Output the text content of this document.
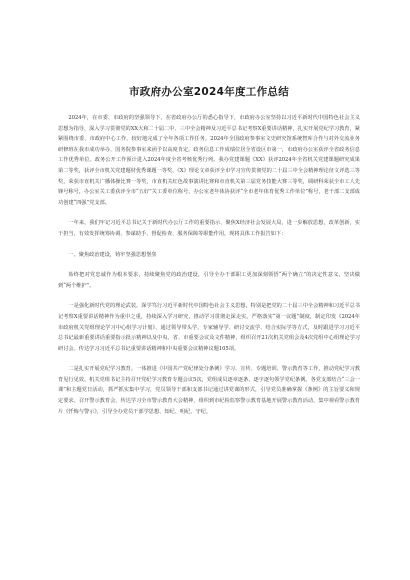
市政府办公室2024年度工作总结

2024年，在市委、市政府的坚强领导下，在省政府办公厅的悉心指导下，市政府办公室坚持以习近平新时代中国特色社会主义思想为指导，深入学习贯彻党的XX大和二十届二中、三中全会精神及习近平总书记考察X重要讲话精神，扎实开展党纪学习教育，紧紧围绕市委、市政府中心工作，较好地完成了全年各项工作任务。2024年全国政府参事室文史研究馆系统智库合作与对外交流业务研修班在我市成功举办，国务院参事室来函予以高度肯定。政务信息工作成绩位居全省设区市第一，市政府办公室获评全省政务信息工作优秀单位。政务公开工作预计进入2024年度全省考核优秀行列。我办党建课题《XX》获评2024年全省机关党建课题研究成果第二等奖，获评全市机关党建题材优秀课题一等奖，《X》理论文章获评全市学习宣传贯彻党的二十届三中全会精神理论征文评选三等奖，荣获市直机关广播体操比赛一等奖，市直机关红色故事演讲比赛和市直机关第三届党务技能大赛三等奖，调研科荣获全市工人先锋号称号，办公室关工委获评全市“五好”关工委单位称号，办公室老年体协获评“全市老年体育优秀工作单位”称号，老干部二支部成功创建“四强”党支部。

一年来，我们牢记习近平总书记关于新时代办公厅工作的重要指示，聚焦X经济社会发展大局，进一步解放思想，改革创新，实干担当，有效发挥统筹协调、参谋助手、督促检查、服务保障等职能作用，现将具体工作报告如下：

一、聚焦政治建设，铸牢坚强思想堡垒

始终把对党忠诚作为根本要求，持续聚焦党的政治建设，引导全办干部职工更加深刻领悟“两个确立”的决定性意义，坚决做到“两个维护”。

一是强化新时代党的理论武装。深学笃行习近平新时代中国特色社会主义思想，特别是把党的二十届三中全会精神和习近平总书记考察X重要讲话精神作为重中之重，持续深入学习研究，推动学习贯彻走深走实。严格落实“第一议题”制度，制定印发《2024年市政府机关党组理论学习中心组学习计划》，通过领导带头学、专家辅导学、研讨交流学、结合实际学等方式，及时跟进学习习近平总书记最新重要讲话重要指示批示精神以及中央、省、市重要会议及文件精神，组织召开21次机关党组会及4次党组中心组理论学习研讨会。传达学习习近平总书记重要讲话精神和中央重要会议精神议题105项。

二是扎实开展党纪学习教育。一体推进《中国共产党纪律处分条例》学习、宣传、专题培训、警示教育等工作，推动党纪学习教育见行见效。机关党组书记主持召开党纪学习教育专题会议5次，党组成员逐章逐条、逐字逐句领学党纪条例。各党支部结合“三会一课”和主题党日活动，抓严抓实集中学习，党员领导干部和支部书记通过讲党课的形式，引导党员准确掌握《条例》的主旨要义和规定要求。召开警示教育会，传达学习全市警示教育大会精神，组织到市纪检监察警示教育基地开展警示教育活动，集中观看警示教育片《忏悔与警示》，引导全办党员干部学思想、知纪、明纪、守纪。
